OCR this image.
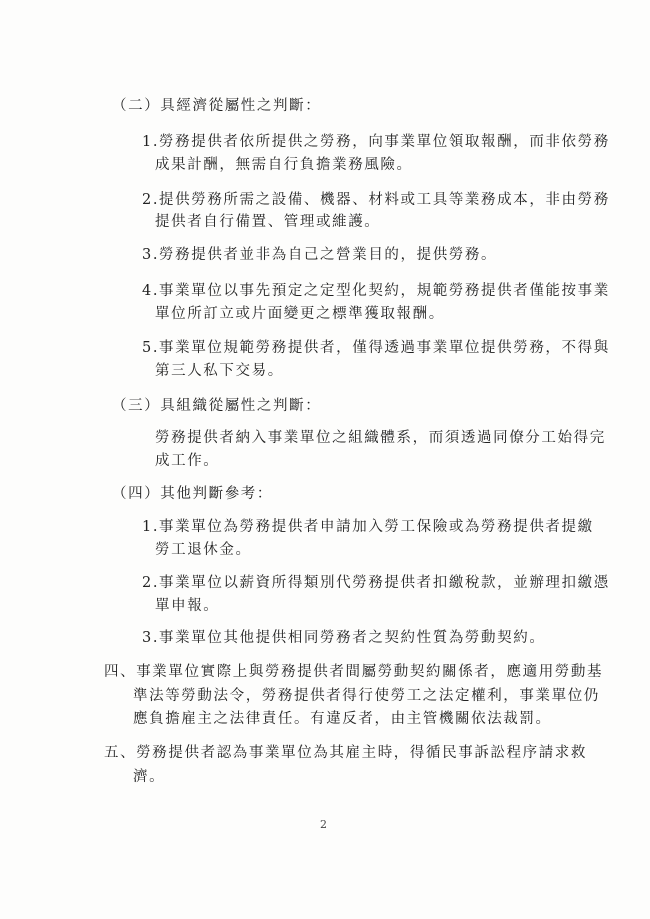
（二）具經濟從屬性之判斷：
1.勞務提供者依所提供之勞務，向事業單位領取報酬，而非依勞務
成果計酬，無需自行負擔業務風險。
2.提供勞務所需之設備、機器、材料或工具等業務成本，非由勞務
提供者自行備置、管理或維護。
3.勞務提供者並非為自己之營業目的，提供勞務。
4.事業單位以事先預定之定型化契約，規範勞務提供者僅能按事業
單位所訂立或片面變更之標準獲取報酬。
5.事業單位規範勞務提供者，僅得透過事業單位提供勞務，不得與
第三人私下交易。
（三）具組織從屬性之判斷：
勞務提供者納入事業單位之組織體系，而須透過同僚分工始得完
成工作。
（四）其他判斷參考：
1.事業單位為勞務提供者申請加入勞工保險或為勞務提供者提繳
勞工退休金。
2.事業單位以薪資所得類別代勞務提供者扣繳稅款，並辦理扣繳憑
單申報。
3.事業單位其他提供相同勞務者之契約性質為勞動契約。
四、事業單位實際上與勞務提供者間屬勞動契約關係者，應適用勞動基
準法等勞動法令，勞務提供者得行使勞工之法定權利，事業單位仍
應負擔雇主之法律責任。有違反者，由主管機關依法裁罰。
五、勞務提供者認為事業單位為其雇主時，得循民事訴訟程序請求救
濟。
2
